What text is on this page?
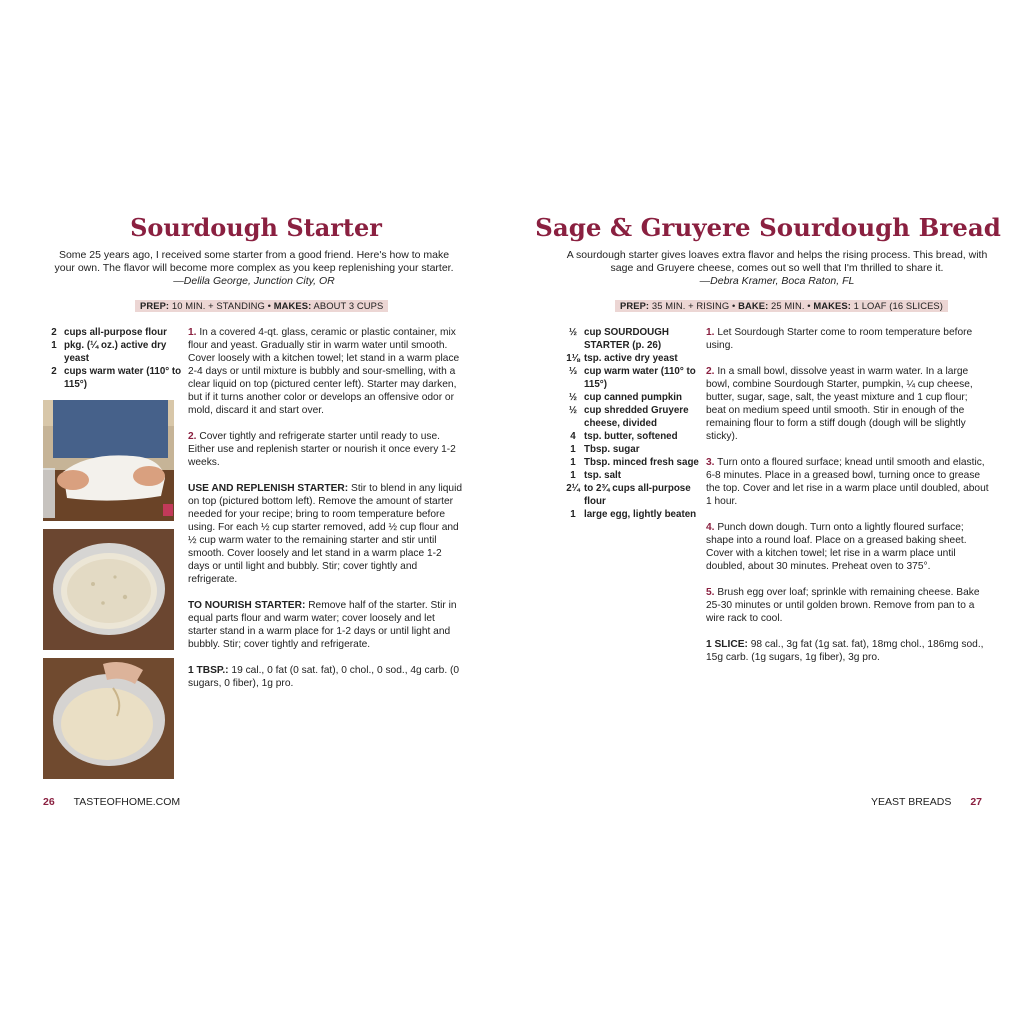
Sourdough Starter
Some 25 years ago, I received some starter from a good friend. Here's how to make your own. The flavor will become more complex as you keep replenishing your starter.
—Delila George, Junction City, OR
PREP: 10 MIN. + STANDING • MAKES: ABOUT 3 CUPS
2 cups all-purpose flour
1 pkg. (¼ oz.) active dry yeast
2 cups warm water (110° to 115°)

1. In a covered 4-qt. glass, ceramic or plastic container, mix flour and yeast. Gradually stir in warm water until smooth. Cover loosely with a kitchen towel; let stand in a warm place 2-4 days or until mixture is bubbly and sour-smelling, with a clear liquid on top (pictured center left). Starter may darken, but if it turns another color or develops an offensive odor or mold, discard it and start over.

2. Cover tightly and refrigerate starter until ready to use. Either use and replenish starter or nourish it once every 1-2 weeks.

USE AND REPLENISH STARTER: Stir to blend in any liquid on top (pictured bottom left). Remove the amount of starter needed for your recipe; bring to room temperature before using. For each ½ cup starter removed, add ½ cup flour and ½ cup warm water to the remaining starter and stir until smooth. Cover loosely and let stand in a warm place 1-2 days or until light and bubbly. Stir; cover tightly and refrigerate.

TO NOURISH STARTER: Remove half of the starter. Stir in equal parts flour and warm water; cover loosely and let starter stand in a warm place for 1-2 days or until light and bubbly. Stir; cover tightly and refrigerate.

1 TBSP.: 19 cal., 0 fat (0 sat. fat), 0 chol., 0 sod., 4g carb. (0 sugars, 0 fiber), 1g pro.

26 TASTEOFHOME.COM
Sage & Gruyere Sourdough Bread
A sourdough starter gives loaves extra flavor and helps the rising process. This bread, with sage and Gruyere cheese, comes out so well that I'm thrilled to share it.
—Debra Kramer, Boca Raton, FL
PREP: 35 MIN. + RISING • BAKE: 25 MIN. • MAKES: 1 LOAF (16 SLICES)
½ cup SOURDOUGH STARTER (p. 26)
1⅛ tsp. active dry yeast
⅓ cup warm water (110° to 115°)
½ cup canned pumpkin
½ cup shredded Gruyere cheese, divided
4 tsp. butter, softened
1 Tbsp. sugar
1 Tbsp. minced fresh sage
1 tsp. salt
2¼ to 2¾ cups all-purpose flour
1 large egg, lightly beaten

1. Let Sourdough Starter come to room temperature before using.

2. In a small bowl, dissolve yeast in warm water. In a large bowl, combine Sourdough Starter, pumpkin, ¼ cup cheese, butter, sugar, sage, salt, the yeast mixture and 1 cup flour; beat on medium speed until smooth. Stir in enough of the remaining flour to form a stiff dough (dough will be slightly sticky).

3. Turn onto a floured surface; knead until smooth and elastic, 6-8 minutes. Place in a greased bowl, turning once to grease the top. Cover and let rise in a warm place until doubled, about 1 hour.

4. Punch down dough. Turn onto a lightly floured surface; shape into a round loaf. Place on a greased baking sheet. Cover with a kitchen towel; let rise in a warm place until doubled, about 30 minutes. Preheat oven to 375°.

5. Brush egg over loaf; sprinkle with remaining cheese. Bake 25-30 minutes or until golden brown. Remove from pan to a wire rack to cool.

1 SLICE: 98 cal., 3g fat (1g sat. fat), 18mg chol., 186mg sod., 15g carb. (1g sugars, 1g fiber), 3g pro.

YEAST BREADS 27
